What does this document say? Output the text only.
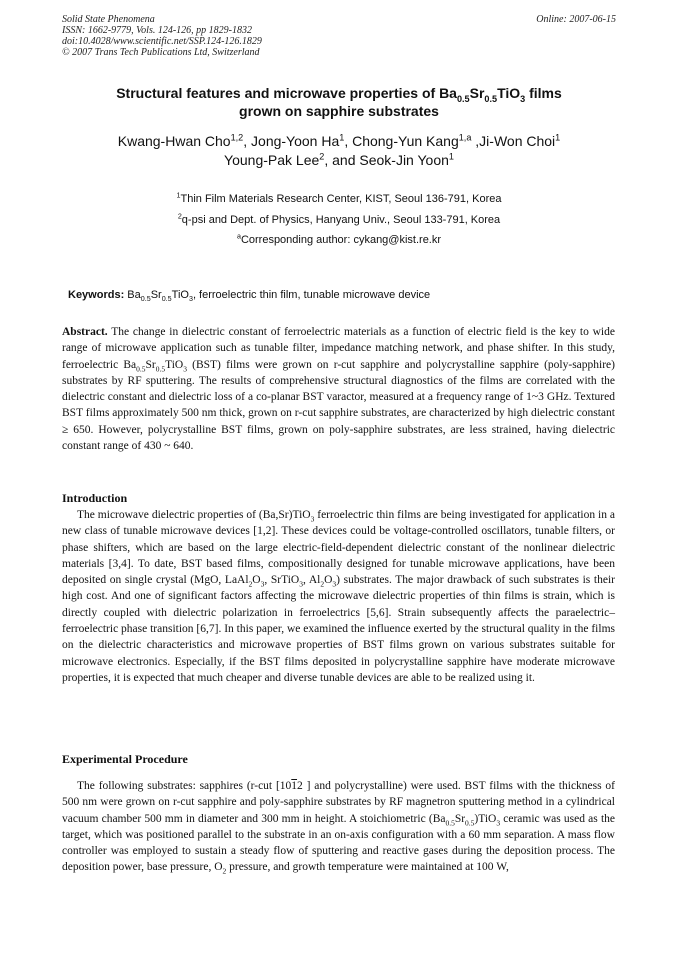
Solid State Phenomena
ISSN: 1662-9779, Vols. 124-126, pp 1829-1832
doi:10.4028/www.scientific.net/SSP.124-126.1829
© 2007 Trans Tech Publications Ltd, Switzerland
Online: 2007-06-15
Structural features and microwave properties of $Ba_{0.5}Sr_{0.5}TiO_3$ films
grown on sapphire substrates
Kwang-Hwan Cho$^{1,2}$, Jong-Yoon Ha$^1$, Chong-Yun Kang$^{1,a}$ ,Ji-Won Choi$^1$
Young-Pak Lee$^2$, and Seok-Jin Yoon$^1$
$^1$Thin Film Materials Research Center, KIST, Seoul 136-791, Korea
$^2$q-psi and Dept. of Physics, Hanyang Univ., Seoul 133-791, Korea
$^a$Corresponding author: cykang@kist.re.kr
Keywords: $Ba_{0.5}Sr_{0.5}TiO_3$, ferroelectric thin film, tunable microwave device
Abstract. The change in dielectric constant of ferroelectric materials as a function of electric field is the key to wide range of microwave application such as tunable filter, impedance matching network, and phase shifter. In this study, ferroelectric $Ba_{0.5}Sr_{0.5}TiO_3$ (BST) films were grown on r-cut sapphire and polycrystalline sapphire (poly-sapphire) substrates by RF sputtering. The results of comprehensive structural diagnostics of the films are correlated with the dielectric constant and dielectric loss of a co-planar BST varactor, measured at a frequency range of 1~3 GHz. Textured BST films approximately 500 nm thick, grown on r-cut sapphire substrates, are characterized by high dielectric constant ≥ 650. However, polycrystalline BST films, grown on poly-sapphire substrates, are less strained, having dielectric constant range of 430 ~ 640.
Introduction
The microwave dielectric properties of (Ba,Sr)TiO$_3$ ferroelectric thin films are being investigated for application in a new class of tunable microwave devices [1,2]. These devices could be voltage-controlled oscillators, tunable filters, or phase shifters, which are based on the large electric-field-dependent dielectric constant of the nonlinear dielectric materials [3,4]. To date, BST based films, compositionally designed for tunable microwave applications, have been deposited on single crystal (MgO, $LaAl_2O_3$, SrTiO$_3$, $Al_2O_3$) substrates. The major drawback of such substrates is their high cost. And one of significant factors affecting the microwave dielectric properties of thin films is strain, which is directly coupled with dielectric polarization in ferroelectrics [5,6]. Strain subsequently affects the paraelectric–ferroelectric phase transition [6,7]. In this paper, we examined the influence exerted by the structural quality in the films on the dielectric characteristics and microwave properties of BST films grown on various substrates suitable for microwave electronics. Especially, if the BST films deposited in polycrystalline sapphire have moderate microwave properties, it is expected that much cheaper and diverse tunable devices are able to be realized using it.
Experimental Procedure
The following substrates: sapphires (r-cut [1012 ] and polycrystalline) were used. BST films with the thickness of 500 nm were grown on r-cut sapphire and poly-sapphire substrates by RF magnetron sputtering method in a cylindrical vacuum chamber 500 mm in diameter and 300 mm in height. A stoichiometric $(Ba_{0.5}Sr_{0.5})TiO_3$ ceramic was used as the target, which was positioned parallel to the substrate in an on-axis configuration with a 60 mm separation. A mass flow controller was employed to sustain a steady flow of sputtering and reactive gases during the deposition process. The deposition power, base pressure, $O_2$ pressure, and growth temperature were maintained at 100 W,
